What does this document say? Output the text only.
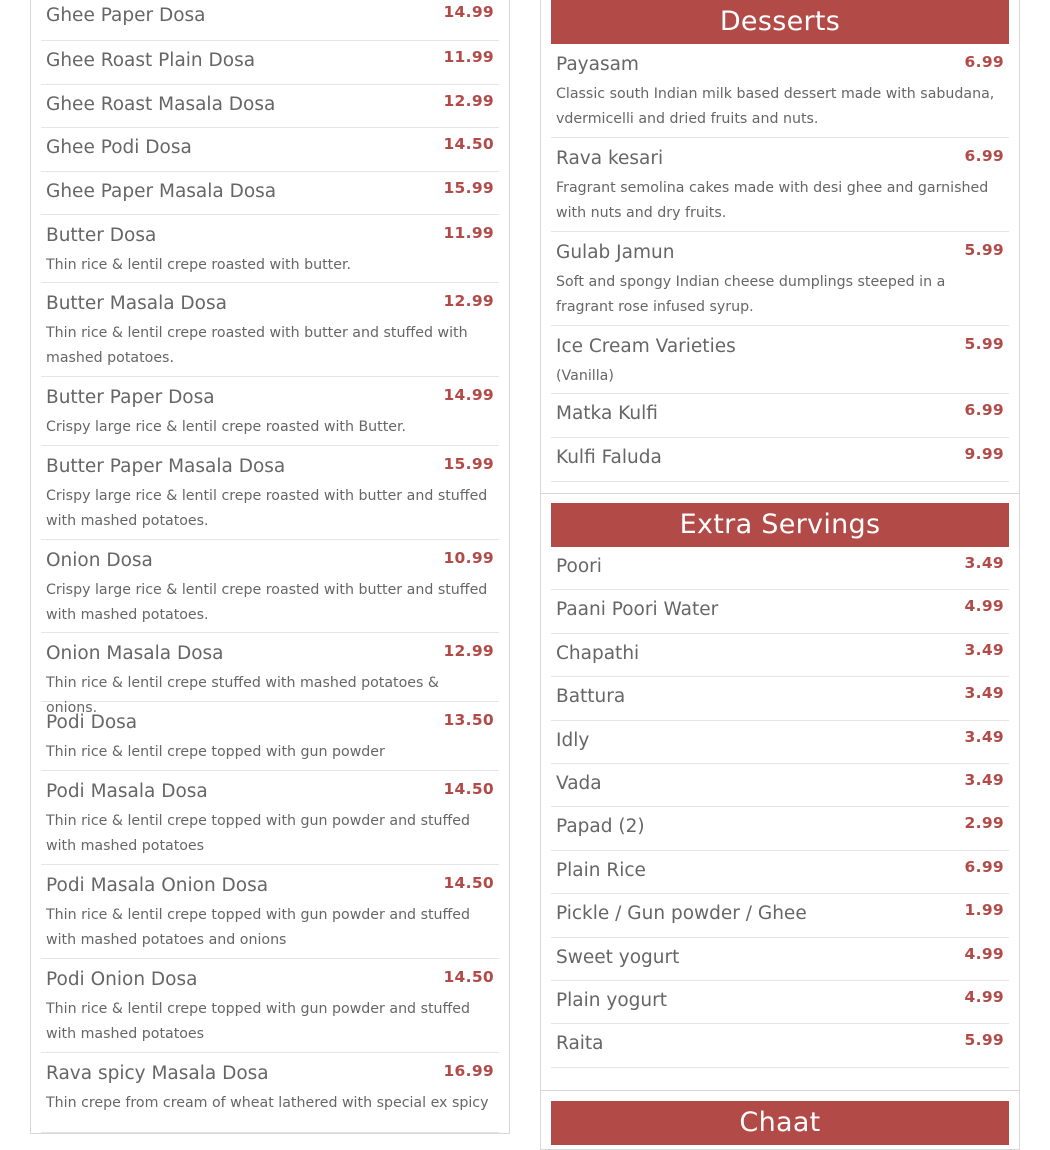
Ghee Paper Dosa	14.99
Ghee Roast Plain Dosa	11.99
Ghee Roast Masala Dosa	12.99
Ghee Podi Dosa	14.50
Ghee Paper Masala Dosa	15.99
Butter Dosa	11.99
Thin rice & lentil crepe roasted with butter.
Butter Masala Dosa	12.99
Thin rice & lentil crepe roasted with butter and stuffed with mashed potatoes.
Butter Paper Dosa	14.99
Crispy large rice & lentil crepe roasted with Butter.
Butter Paper Masala Dosa	15.99
Crispy large rice & lentil crepe roasted with butter and stuffed with mashed potatoes.
Onion Dosa	10.99
Crispy large rice & lentil crepe roasted with butter and stuffed with mashed potatoes.
Onion Masala Dosa	12.99
Thin rice & lentil crepe stuffed with mashed potatoes & onions.
Podi Dosa	13.50
Thin rice & lentil crepe topped with gun powder
Podi Masala Dosa	14.50
Thin rice & lentil crepe topped with gun powder and stuffed with mashed potatoes
Podi Masala Onion Dosa	14.50
Thin rice & lentil crepe topped with gun powder and stuffed with mashed potatoes and onions
Podi Onion Dosa	14.50
Thin rice & lentil crepe topped with gun powder and stuffed with mashed potatoes
Rava spicy Masala Dosa	16.99
Thin crepe from cream of wheat lathered with special ex spicy
Desserts
Payasam	6.99
Classic south Indian milk based dessert made with sabudana, vdermicelli and dried fruits and nuts.
Rava kesari	6.99
Fragrant semolina cakes made with desi ghee and garnished with nuts and dry fruits.
Gulab Jamun	5.99
Soft and spongy Indian cheese dumplings steeped in a fragrant rose infused syrup.
Ice Cream Varieties	5.99
(Vanilla)
Matka Kulfi	6.99
Kulfi Faluda	9.99
Extra Servings
Poori	3.49
Paani Poori Water	4.99
Chapathi	3.49
Battura	3.49
Idly	3.49
Vada	3.49
Papad (2)	2.99
Plain Rice	6.99
Pickle / Gun powder / Ghee	1.99
Sweet yogurt	4.99
Plain yogurt	4.99
Raita	5.99
Chaat
